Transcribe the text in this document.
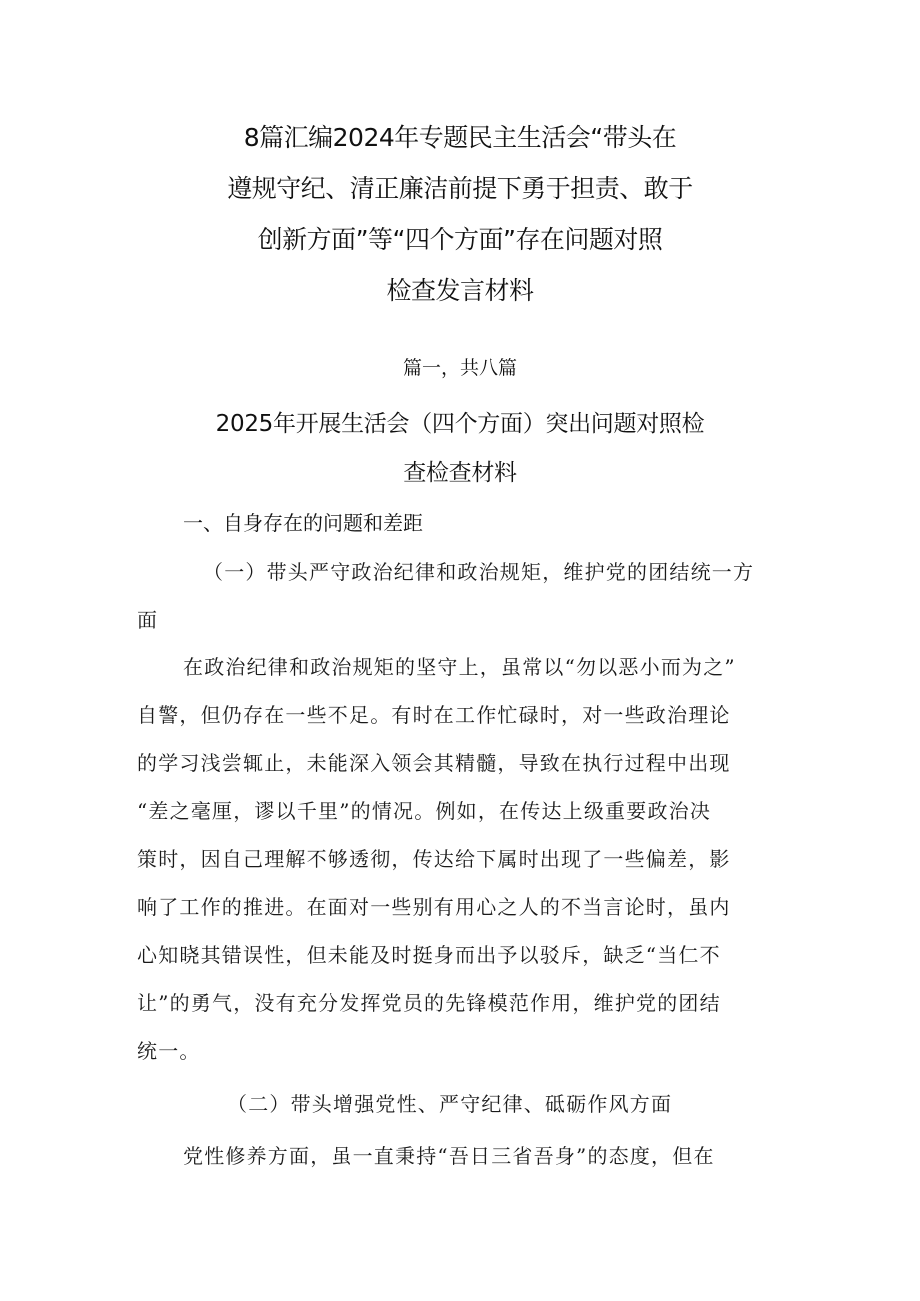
8篇汇编2024年专题民主生活会“带头在
遵规守纪、清正廉洁前提下勇于担责、敢于
创新方面”等“四个方面”存在问题对照
检查发言材料
篇一，共八篇
2025年开展生活会（四个方面）突出问题对照检
查检查材料
一、自身存在的问题和差距
（一）带头严守政治纪律和政治规矩，维护党的团结统一方
面
在政治纪律和政治规矩的坚守上，虽常以“勿以恶小而为之”
自警，但仍存在一些不足。有时在工作忙碌时，对一些政治理论
的学习浅尝辄止，未能深入领会其精髓，导致在执行过程中出现
“差之毫厘，谬以千里”的情况。例如，在传达上级重要政治决
策时，因自己理解不够透彻，传达给下属时出现了一些偏差，影
响了工作的推进。在面对一些别有用心之人的不当言论时，虽内
心知晓其错误性，但未能及时挺身而出予以驳斥，缺乏“当仁不
让”的勇气，没有充分发挥党员的先锋模范作用，维护党的团结
统一。
（二）带头增强党性、严守纪律、砥砺作风方面
党性修养方面，虽一直秉持“吾日三省吾身”的态度，但在
